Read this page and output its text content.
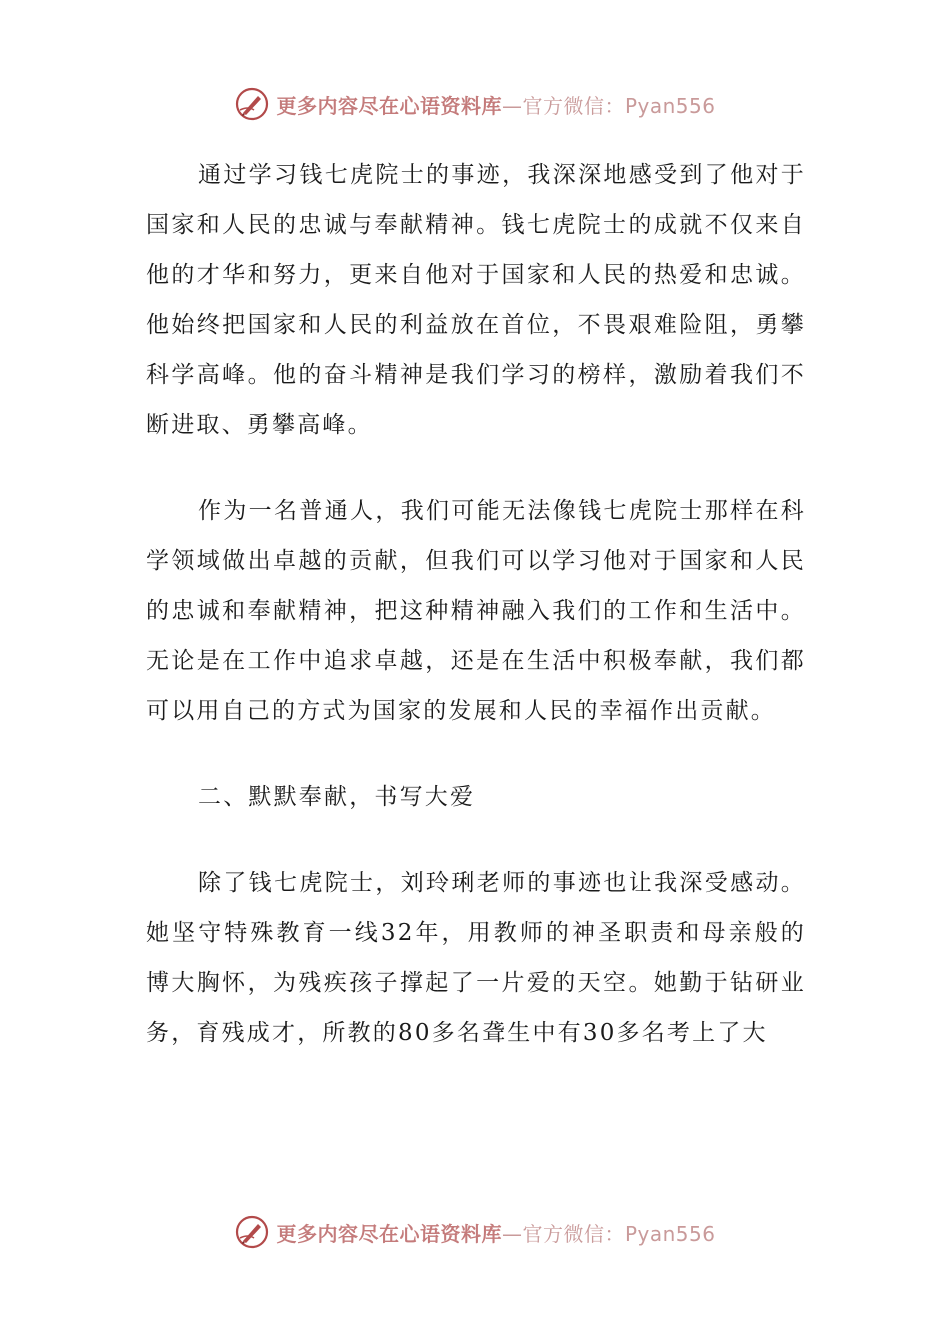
更多内容尽在心语资料库—官方微信：Pyan556

通过学习钱七虎院士的事迹，我深深地感受到了他对于国家和人民的忠诚与奉献精神。钱七虎院士的成就不仅来自他的才华和努力，更来自他对于国家和人民的热爱和忠诚。他始终把国家和人民的利益放在首位，不畏艰难险阻，勇攀科学高峰。他的奋斗精神是我们学习的榜样，激励着我们不断进取、勇攀高峰。

作为一名普通人，我们可能无法像钱七虎院士那样在科学领域做出卓越的贡献，但我们可以学习他对于国家和人民的忠诚和奉献精神，把这种精神融入我们的工作和生活中。无论是在工作中追求卓越，还是在生活中积极奉献，我们都可以用自己的方式为国家的发展和人民的幸福作出贡献。

二、默默奉献，书写大爱

除了钱七虎院士，刘玲琍老师的事迹也让我深受感动。她坚守特殊教育一线32年，用教师的神圣职责和母亲般的博大胸怀，为残疾孩子撑起了一片爱的天空。她勤于钻研业务，育残成才，所教的80多名聋生中有30多名考上了大

更多内容尽在心语资料库—官方微信：Pyan556
